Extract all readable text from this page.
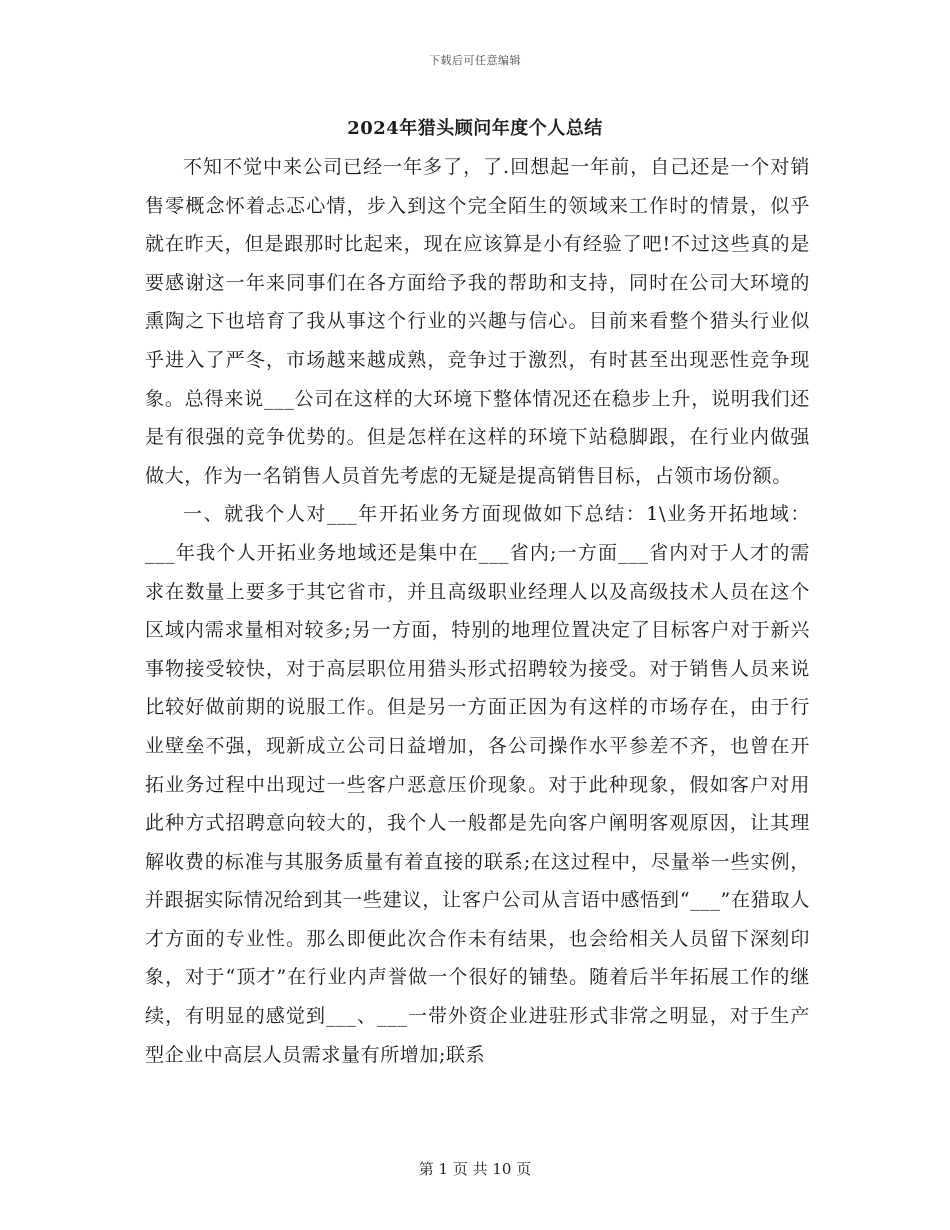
下载后可任意编辑
2024年猎头顾问年度个人总结

不知不觉中来公司已经一年多了，了.回想起一年前，自己还是一个对销售零概念怀着忐忑心情，步入到这个完全陌生的领域来工作时的情景，似乎就在昨天，但是跟那时比起来，现在应该算是小有经验了吧!不过这些真的是要感谢这一年来同事们在各方面给予我的帮助和支持，同时在公司大环境的熏陶之下也培育了我从事这个行业的兴趣与信心。目前来看整个猎头行业似乎进入了严冬，市场越来越成熟，竞争过于激烈，有时甚至出现恶性竞争现象。总得来说___公司在这样的大环境下整体情况还在稳步上升，说明我们还是有很强的竞争优势的。但是怎样在这样的环境下站稳脚跟，在行业内做强做大，作为一名销售人员首先考虑的无疑是提高销售目标，占领市场份额。

一、就我个人对___年开拓业务方面现做如下总结：1\业务开拓地域：___年我个人开拓业务地域还是集中在___省内;一方面___省内对于人才的需求在数量上要多于其它省市，并且高级职业经理人以及高级技术人员在这个区域内需求量相对较多;另一方面，特别的地理位置决定了目标客户对于新兴事物接受较快，对于高层职位用猎头形式招聘较为接受。对于销售人员来说比较好做前期的说服工作。但是另一方面正因为有这样的市场存在，由于行业壁垒不强，现新成立公司日益增加，各公司操作水平参差不齐，也曾在开拓业务过程中出现过一些客户恶意压价现象。对于此种现象，假如客户对用此种方式招聘意向较大的，我个人一般都是先向客户阐明客观原因，让其理解收费的标准与其服务质量有着直接的联系;在这过程中，尽量举一些实例，并跟据实际情况给到其一些建议，让客户公司从言语中感悟到“___”在猎取人才方面的专业性。那么即便此次合作未有结果，也会给相关人员留下深刻印象，对于“顶才”在行业内声誉做一个很好的铺垫。随着后半年拓展工作的继续，有明显的感觉到___、___一带外资企业进驻形式非常之明显，对于生产型企业中高层人员需求量有所增加;联系

第 1 页 共 10 页
